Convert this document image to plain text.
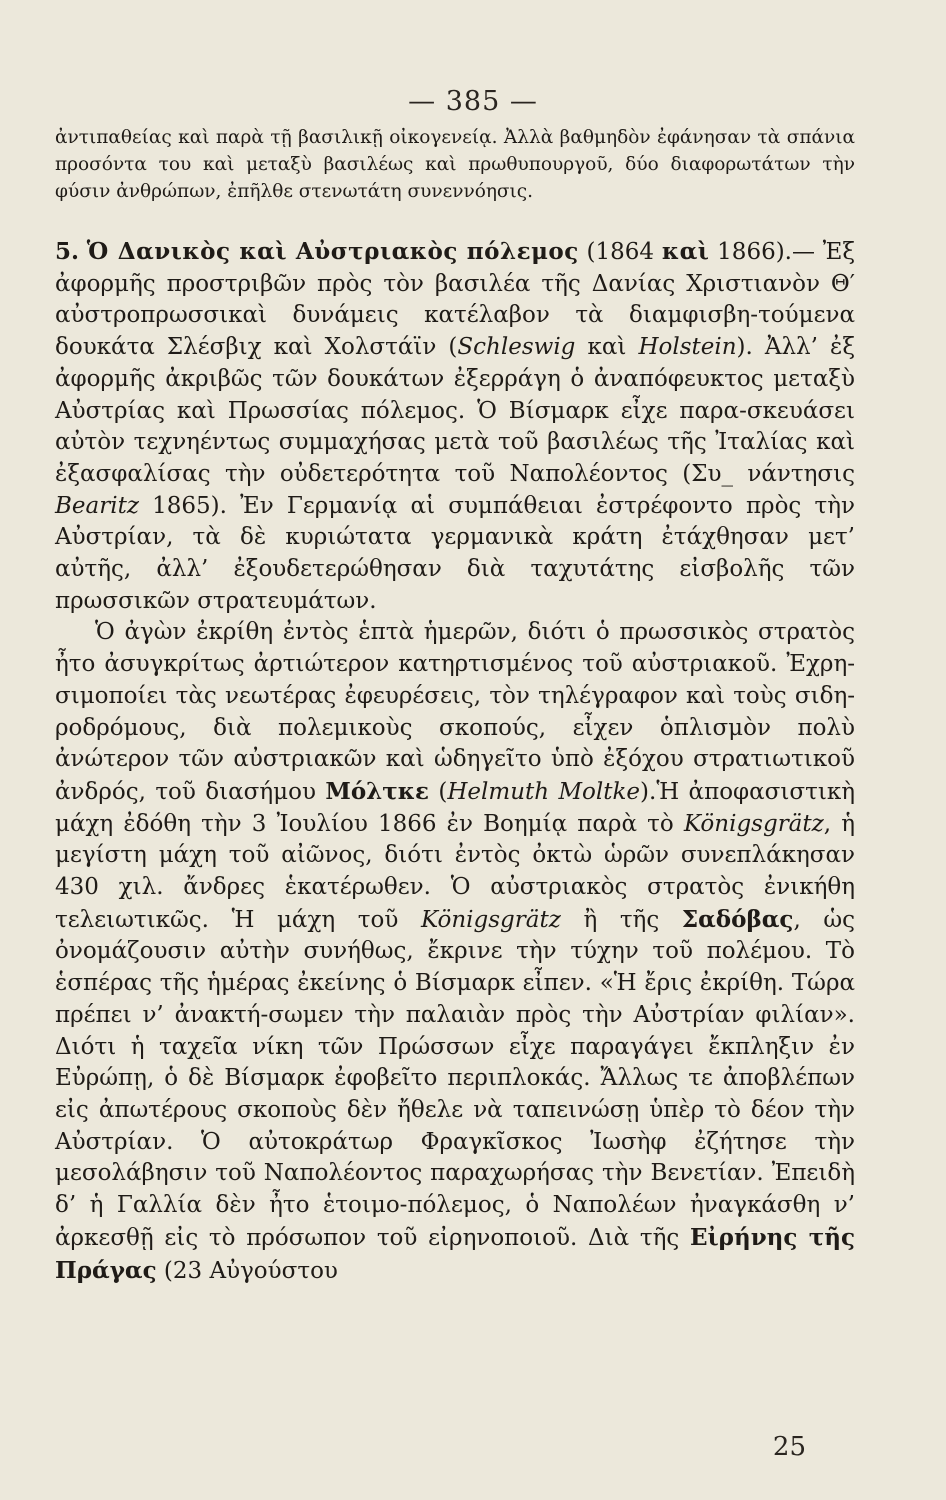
— 385 —
ἀντιπαθείας καὶ παρὰ τῇ βασιλικῇ οἰκογενείᾳ. Ἀλλὰ βαθμηδὸν ἐφάνησαν τὰ σπάνια προσόντα του καὶ μεταξὺ βασιλέως καὶ πρωθυπουργοῦ, δύο διαφορωτάτων τὴν φύσιν ἀνθρώπων, ἐπῆλθε στενωτάτη συνεννόησις.

5. Ὁ Δανικὸς καὶ Αὐστριακὸς πόλεμος (1864 καὶ 1866).— Ἐξ ἀφορμῆς προστριβῶν πρὸς τὸν βασιλέα τῆς Δανίας Χριστιανὸν Θ′ αὐστροπρωσσικαὶ δυνάμεις κατέλαβον τὰ διαμφισβη-τούμενα δουκάτα Σλέσβιχ καὶ Χολστάϊν (Schleswig καὶ Holstein). Ἀλλ’ ἐξ ἀφορμῆς ἀκριβῶς τῶν δουκάτων ἐξερράγη ὁ ἀναπόφευκτος μεταξὺ Αὐστρίας καὶ Πρωσσίας πόλεμος. Ὁ Βίσμαρκ εἶχε παρα-σκευάσει αὐτὸν τεχνηέντως συμμαχήσας μετὰ τοῦ βασιλέως τῆς Ἰταλίας καὶ ἐξασφαλίσας τὴν οὐδετερότητα τοῦ Ναπολέοντος (Συ_ νάντησις Bearitz 1865). Ἐν Γερμανίᾳ αἱ συμπάθειαι ἐστρέφοντο πρὸς τὴν Αὐστρίαν, τὰ δὲ κυριώτατα γερμανικὰ κράτη ἐτάχθησαν μετ’ αὐτῆς, ἀλλ’ ἐξουδετερώθησαν διὰ ταχυτάτης εἰσβολῆς τῶν πρωσσικῶν στρατευμάτων.

Ὁ ἀγὼν ἐκρίθη ἐντὸς ἑπτὰ ἡμερῶν, διότι ὁ πρωσσικὸς στρατὸς ἦτο ἀσυγκρίτως ἀρτιώτερον κατηρτισμένος τοῦ αὐστριακοῦ. Ἐχρη-σιμοποίει τὰς νεωτέρας ἐφευρέσεις, τὸν τηλέγραφον καὶ τοὺς σιδη-ροδρόμους, διὰ πολεμικοὺς σκοπούς, εἶχεν ὁπλισμὸν πολὺ ἀνώτερον τῶν αὐστριακῶν καὶ ὡδηγεῖτο ὑπὸ ἐξόχου στρατιωτικοῦ ἀνδρός, τοῦ διασήμου Μόλτκε (Helmuth Moltke).Ἡ ἀποφασιστικὴ μάχη ἐδόθη τὴν 3 Ἰουλίου 1866 ἐν Βοημίᾳ παρὰ τὸ Königsgrätz, ἡ μεγίστη μάχη τοῦ αἰῶνος, διότι ἐντὸς ὀκτὼ ὡρῶν συνεπλάκησαν 430 χιλ. ἄνδρες ἑκατέρωθεν. Ὁ αὐστριακὸς στρατὸς ἐνικήθη τελειωτικῶς. Ἡ μάχη τοῦ Königsgrätz ἢ τῆς Σαδόβας, ὡς ὀνομάζουσιν αὐτὴν συνήθως, ἔκρινε τὴν τύχην τοῦ πολέμου. Τὸ ἑσπέρας τῆς ἡμέρας ἐκείνης ὁ Βίσμαρκ εἶπεν. «Ἡ ἔρις ἐκρίθη. Τώρα πρέπει ν’ ἀνακτή-σωμεν τὴν παλαιὰν πρὸς τὴν Αὐστρίαν φιλίαν». Διότι ἡ ταχεῖα νίκη τῶν Πρώσσων εἶχε παραγάγει ἔκπληξιν ἐν Εὐρώπῃ, ὁ δὲ Βίσμαρκ ἐφοβεῖτο περιπλοκάς. Ἄλλως τε ἀποβλέπων εἰς ἀπωτέρους σκοποὺς δὲν ἤθελε νὰ ταπεινώσῃ ὑπὲρ τὸ δέον τὴν Αὐστρίαν. Ὁ αὐτοκράτωρ Φραγκῖσκος Ἰωσὴφ ἐζήτησε τὴν μεσολάβησιν τοῦ Ναπολέοντος παραχωρήσας τὴν Βενετίαν. Ἐπειδὴ δ’ ἡ Γαλλία δὲν ἦτο ἑτοιμο-πόλεμος, ὁ Ναπολέων ἠναγκάσθη ν’ ἀρκεσθῇ εἰς τὸ πρόσωπον τοῦ εἰρηνοποιοῦ. Διὰ τῆς Εἰρήνης τῆς Πράγας (23 Αὐγούστου

25
